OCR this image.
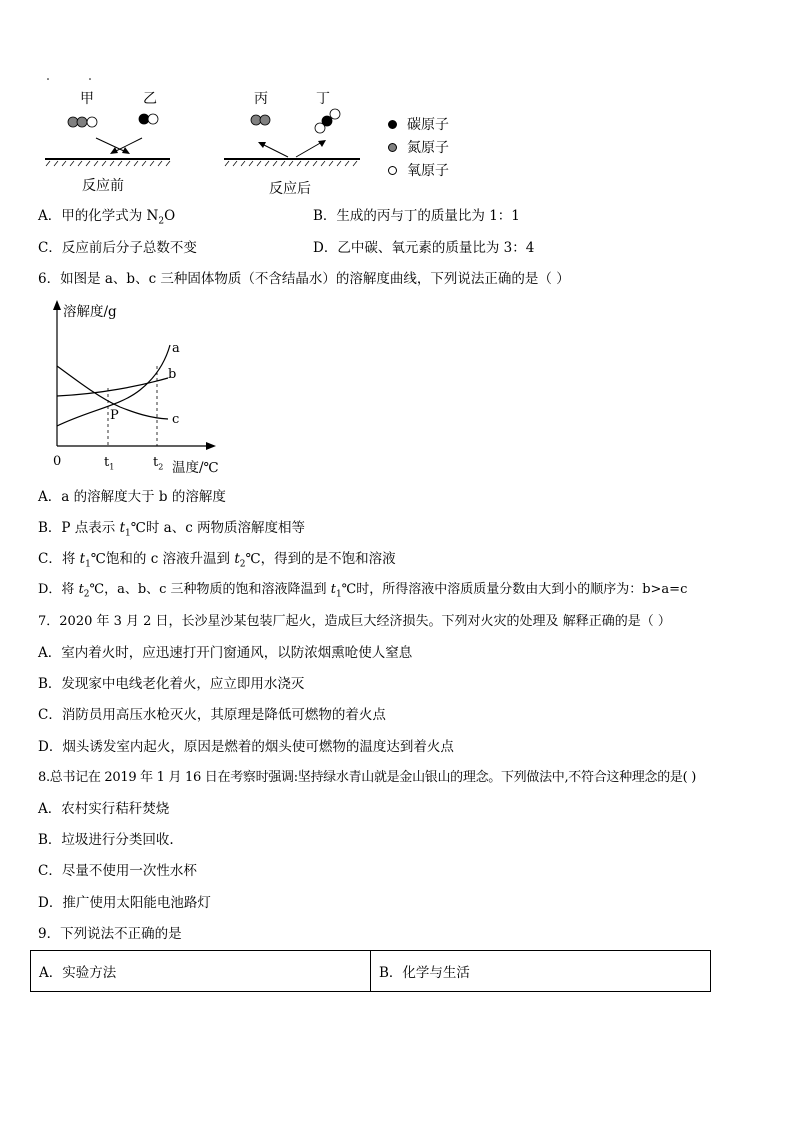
甲	乙	丙	丁
反应前	反应后
碳原子
氮原子
氧原子
A．甲的化学式为 $N_2O$	B．生成的丙与丁的质量比为 1：1
C．反应前后分子总数不变	D．乙中碳、氧元素的质量比为 3：4
6．如图是 a、b、c 三种固体物质（不含结晶水）的溶解度曲线，下列说法正确的是（ ）
溶解度/g
温度/℃
0	$t_1$	$t_2$
P
a
b
c
A．a 的溶解度大于 b 的溶解度
B．P 点表示 $t_1℃$时 a、c 两物质溶解度相等
C．将 $t_1℃$饱和的 c 溶液升温到 $t_2℃$，得到的是不饱和溶液
D．将 $t_2℃$，a、b、c 三种物质的饱和溶液降温到 $t_1℃$时，所得溶液中溶质质量分数由大到小的顺序为：b>a=c
7．2020 年 3 月 2 日，长沙星沙某包装厂起火，造成巨大经济损失。下列对火灾的处理及 解释正确的是（ ）
A．室内着火时，应迅速打开门窗通风，以防浓烟熏呛使人窒息
B．发现家中电线老化着火，应立即用水浇灭
C．消防员用高压水枪灭火，其原理是降低可燃物的着火点
D．烟头诱发室内起火，原因是燃着的烟头使可燃物的温度达到着火点
8.总书记在 2019 年 1 月 16 日在考察时强调:坚持绿水青山就是金山银山的理念。下列做法中,不符合这种理念的是( )
A．农村实行秸秆焚烧
B．垃圾进行分类回收.
C．尽量不使用一次性水杯
D．推广使用太阳能电池路灯
9．下列说法不正确的是
A．实验方法	B．化学与生活
